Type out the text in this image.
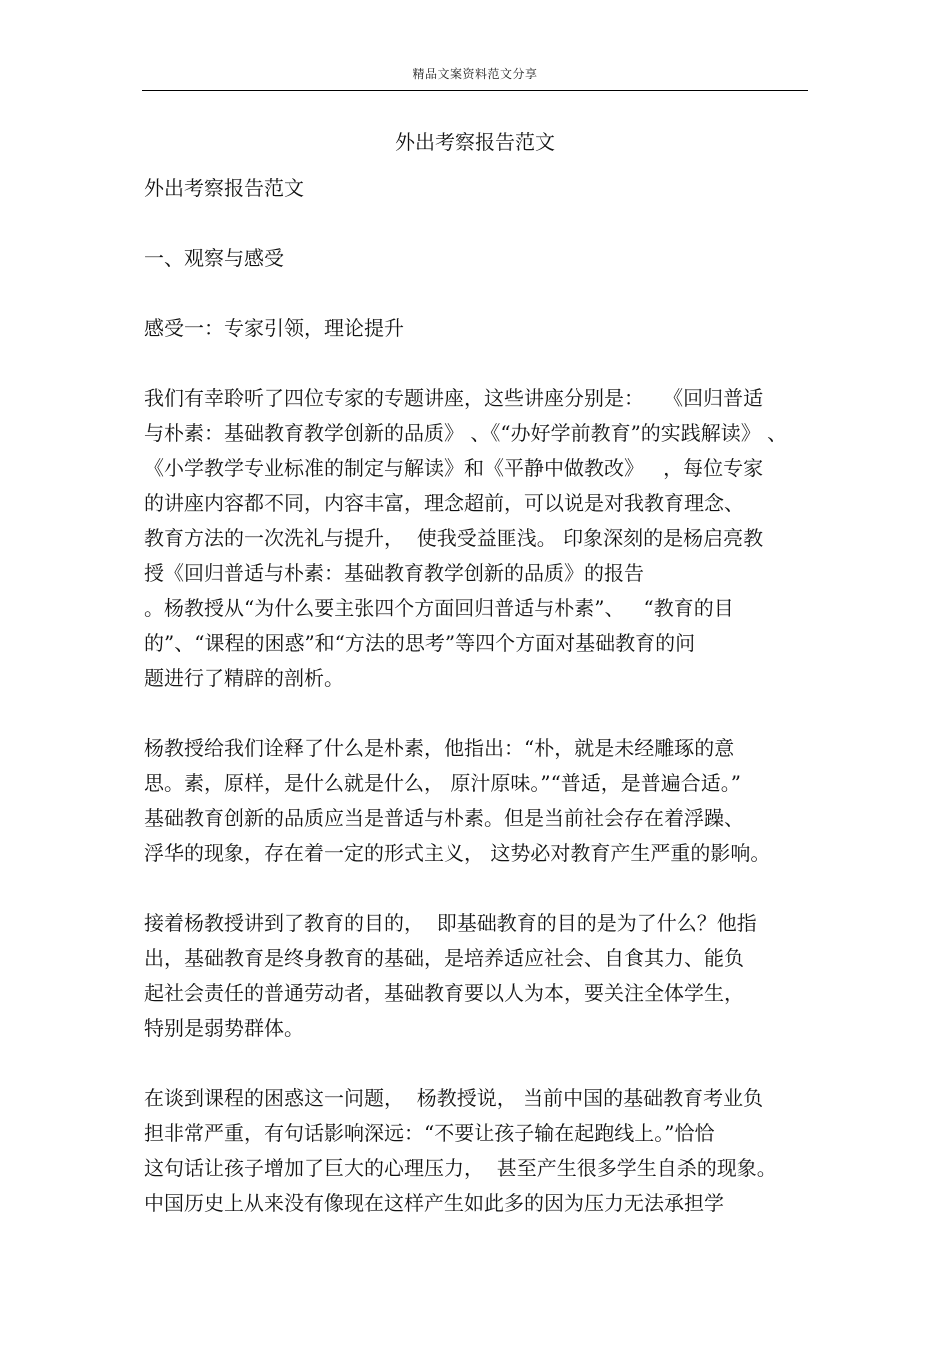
精品文案资料范文分享
外出考察报告范文
外出考察报告范文
一、观察与感受
感受一：专家引领，理论提升
我们有幸聆听了四位专家的专题讲座，这些讲座分别是：   《回归普适
与朴素：基础教育教学创新的品质》 、《“办好学前教育”的实践解读》 、
《小学教学专业标准的制定与解读》和《平静中做教改》   ，每位专家
的讲座内容都不同，内容丰富，理念超前，可以说是对我教育理念、
教育方法的一次洗礼与提升，  使我受益匪浅。 印象深刻的是杨启亮教
授《回归普适与朴素：基础教育教学创新的品质》的报告
。杨教授从“为什么要主张四个方面回归普适与朴素”、   “教育的目
的”、“课程的困惑”和“方法的思考”等四个方面对基础教育的问
题进行了精辟的剖析。
杨教授给我们诠释了什么是朴素，他指出：“朴，就是未经雕琢的意
思。素，原样，是什么就是什么， 原汁原味。”“普适，是普遍合适。”
基础教育创新的品质应当是普适与朴素。但是当前社会存在着浮躁、
浮华的现象，存在着一定的形式主义， 这势必对教育产生严重的影响。
接着杨教授讲到了教育的目的，  即基础教育的目的是为了什么？他指
出，基础教育是终身教育的基础，是培养适应社会、自食其力、能负
起社会责任的普通劳动者，基础教育要以人为本，要关注全体学生，
特别是弱势群体。
在谈到课程的困惑这一问题，  杨教授说， 当前中国的基础教育考业负
担非常严重，有句话影响深远：“不要让孩子输在起跑线上。”恰恰
这句话让孩子增加了巨大的心理压力，  甚至产生很多学生自杀的现象。
中国历史上从来没有像现在这样产生如此多的因为压力无法承担学
